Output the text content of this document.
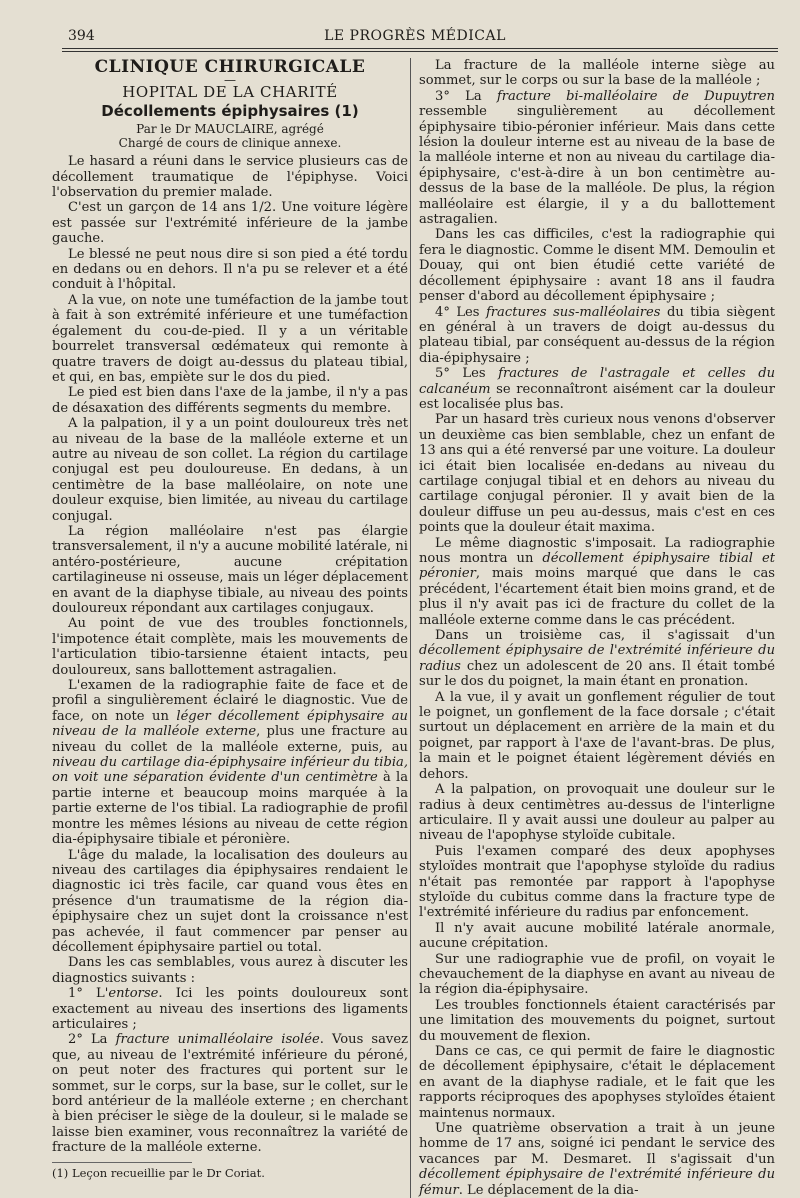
394	LE PROGRÈS MÉDICAL
CLINIQUE CHIRURGICALE
—
HOPITAL DE LA CHARITÉ
Décollements épiphysaires (1)
Par le Dr MAUCLAIRE, agrégé
Chargé de cours de clinique annexe.

Le hasard a réuni dans le service plusieurs cas de décollement traumatique de l'épiphyse. Voici l'observation du premier malade.

C'est un garçon de 14 ans 1/2. Une voiture légère est passée sur l'extrémité inférieure de la jambe gauche.

Le blessé ne peut nous dire si son pied a été tordu en dedans ou en dehors. Il n'a pu se relever et a été conduit à l'hôpital.

A la vue, on note une tuméfaction de la jambe tout à fait à son extrémité inférieure et une tuméfaction également du cou-de-pied. Il y a un véritable bourrelet transversal œdémateux qui remonte à quatre travers de doigt au-dessus du plateau tibial, et qui, en bas, empiète sur le dos du pied.

Le pied est bien dans l'axe de la jambe, il n'y a pas de désaxation des différents segments du membre.

A la palpation, il y a un point douloureux très net au niveau de la base de la malléole externe et un autre au niveau de son collet. La région du cartilage conjugal est peu douloureuse. En dedans, à un centimètre de la base malléolaire, on note une douleur exquise, bien limitée, au niveau du cartilage conjugal.

La région malléolaire n'est pas élargie transversalement, il n'y a aucune mobilité latérale, ni antéro-postérieure, aucune crépitation cartilagineuse ni osseuse, mais un léger déplacement en avant de la diaphyse tibiale, au niveau des points douloureux répondant aux cartilages conjugaux.

Au point de vue des troubles fonctionnels, l'impotence était complète, mais les mouvements de l'articulation tibio-tarsienne étaient intacts, peu douloureux, sans ballottement astragalien.

L'examen de la radiographie faite de face et de profil a singulièrement éclairé le diagnostic. Vue de face, on note un léger décollement épiphysaire au niveau de la malléole externe, plus une fracture au niveau du collet de la malléole externe, puis, au niveau du cartilage dia-épiphysaire inférieur du tibia, on voit une séparation évidente d'un centimètre à la partie interne et beaucoup moins marquée à la partie externe de l'os tibial. La radiographie de profil montre les mêmes lésions au niveau de cette région dia-épiphysaire tibiale et péronière.

L'âge du malade, la localisation des douleurs au niveau des cartilages dia épiphysaires rendaient le diagnostic ici très facile, car quand vous êtes en présence d'un traumatisme de la région dia-épiphysaire chez un sujet dont la croissance n'est pas achevée, il faut commencer par penser au décollement épiphysaire partiel ou total.

Dans les cas semblables, vous aurez à discuter les diagnostics suivants :

1° L'entorse. Ici les points douloureux sont exactement au niveau des insertions des ligaments articulaires ;

2° La fracture unimalléolaire isolée. Vous savez que, au niveau de l'extrémité inférieure du péroné, on peut noter des fractures qui portent sur le sommet, sur le corps, sur la base, sur le collet, sur le bord antérieur de la malléole externe ; en cherchant à bien préciser le siège de la douleur, si le malade se laisse bien examiner, vous reconnaîtrez la variété de fracture de la malléole externe.

(1) Leçon recueillie par le Dr Coriat.

La fracture de la malléole interne siège au sommet, sur le corps ou sur la base de la malléole ;

3° La fracture bi-malléolaire de Dupuytren ressemble singulièrement au décollement épiphysaire tibio-péronier inférieur. Mais dans cette lésion la douleur interne est au niveau de la base de la malléole interne et non au niveau du cartilage dia-épiphysaire, c'est-à-dire à un bon centimètre au-dessus de la base de la malléole. De plus, la région malléolaire est élargie, il y a du ballottement astragalien.

Dans les cas difficiles, c'est la radiographie qui fera le diagnostic. Comme le disent MM. Demoulin et Douay, qui ont bien étudié cette variété de décollement épiphysaire : avant 18 ans il faudra penser d'abord au décollement épiphysaire ;

4° Les fractures sus-malléolaires du tibia siègent en général à un travers de doigt au-dessus du plateau tibial, par conséquent au-dessus de la région dia-épiphysaire ;

5° Les fractures de l'astragale et celles du calcanéum se reconnaîtront aisément car la douleur est localisée plus bas.

Par un hasard très curieux nous venons d'observer un deuxième cas bien semblable, chez un enfant de 13 ans qui a été renversé par une voiture. La douleur ici était bien localisée en-dedans au niveau du cartilage conjugal tibial et en dehors au niveau du cartilage conjugal péronier. Il y avait bien de la douleur diffuse un peu au-dessus, mais c'est en ces points que la douleur était maxima.

Le même diagnostic s'imposait. La radiographie nous montra un décollement épiphysaire tibial et péronier, mais moins marqué que dans le cas précédent, l'écartement était bien moins grand, et de plus il n'y avait pas ici de fracture du collet de la malléole externe comme dans le cas précédent.

Dans un troisième cas, il s'agissait d'un décollement épiphysaire de l'extrémité inférieure du radius chez un adolescent de 20 ans. Il était tombé sur le dos du poignet, la main étant en pronation.

A la vue, il y avait un gonflement régulier de tout le poignet, un gonflement de la face dorsale ; c'était surtout un déplacement en arrière de la main et du poignet, par rapport à l'axe de l'avant-bras. De plus, la main et le poignet étaient légèrement déviés en dehors.

A la palpation, on provoquait une douleur sur le radius à deux centimètres au-dessus de l'interligne articulaire. Il y avait aussi une douleur au palper au niveau de l'apophyse styloïde cubitale.

Puis l'examen comparé des deux apophyses styloïdes montrait que l'apophyse styloïde du radius n'était pas remontée par rapport à l'apophyse styloïde du cubitus comme dans la fracture type de l'extrémité inférieure du radius par enfoncement.

Il n'y avait aucune mobilité latérale anormale, aucune crépitation.

Sur une radiographie vue de profil, on voyait le chevauchement de la diaphyse en avant au niveau de la région dia-épiphysaire.

Les troubles fonctionnels étaient caractérisés par une limitation des mouvements du poignet, surtout du mouvement de flexion.

Dans ce cas, ce qui permit de faire le diagnostic de décollement épiphysaire, c'était le déplacement en avant de la diaphyse radiale, et le fait que les rapports réciproques des apophyses styloïdes étaient maintenus normaux.

Une quatrième observation a trait à un jeune homme de 17 ans, soigné ici pendant le service des vacances par M. Desmaret. Il s'agissait d'un décollement épiphysaire de l'extrémité inférieure du fémur. Le déplacement de la dia-
